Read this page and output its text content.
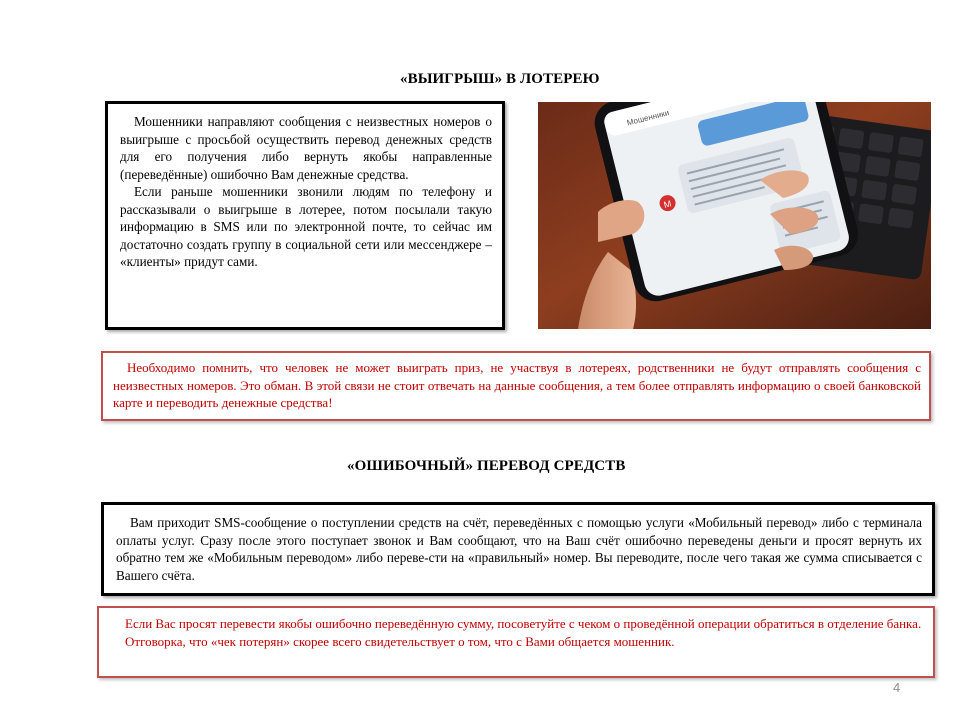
«ВЫИГРЫШ» В ЛОТЕРЕЮ

Мошенники направляют сообщения с неизвестных номеров о выигрыше с просьбой осуществить перевод денежных средств для его получения либо вернуть якобы направленные (переведённые) ошибочно Вам денежные средства.

Если раньше мошенники звонили людям по телефону и рассказывали о выигрыше в лотерее, потом посылали такую информацию в SMS или по электронной почте, то сейчас им достаточно создать группу в социальной сети или мессенджере – «клиенты» придут сами.

Мошенники
М

Необходимо помнить, что человек не может выиграть приз, не участвуя в лотереях, родственники не будут отправлять сообщения с неизвестных номеров. Это обман. В этой связи не стоит отвечать на данные сообщения, а тем более отправлять информацию о своей банковской карте и переводить денежные средства!

«ОШИБОЧНЫЙ» ПЕРЕВОД СРЕДСТВ

Вам приходит SMS-сообщение о поступлении средств на счёт, переведённых с помощью услуги «Мобильный перевод» либо с терминала оплаты услуг. Сразу после этого поступает звонок и Вам сообщают, что на Ваш счёт ошибочно переведены деньги и просят вернуть их обратно тем же «Мобильным переводом» либо переве-сти на «правильный» номер. Вы переводите, после чего такая же сумма списывается с Вашего счёта.

Если Вас просят перевести якобы ошибочно переведённую сумму, посоветуйте с чеком о проведённой операции обратиться в отделение банка.

Отговорка, что «чек потерян» скорее всего свидетельствует о том, что с Вами общается мошенник.

4
